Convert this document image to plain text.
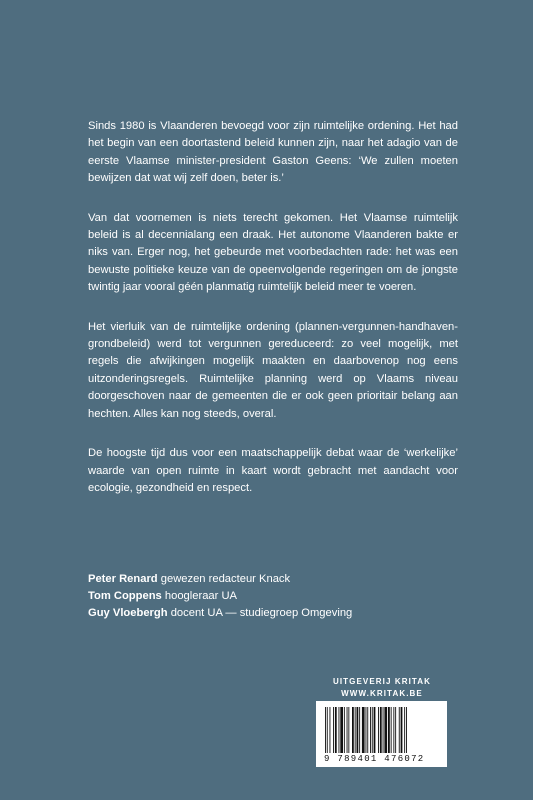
Sinds 1980 is Vlaanderen bevoegd voor zijn ruimtelijke ordening. Het had het begin van een doortastend beleid kunnen zijn, naar het adagio van de eerste Vlaamse minister-president Gaston Geens: ‘We zullen moeten bewijzen dat wat wij zelf doen, beter is.’

Van dat voornemen is niets terecht gekomen. Het Vlaamse ruimtelijk beleid is al decennialang een draak. Het autonome Vlaanderen bakte er niks van. Erger nog, het gebeurde met voorbedachten rade: het was een bewuste politieke keuze van de opeenvolgende regeringen om de jongste twintig jaar vooral géén planmatig ruimtelijk beleid meer te voeren.

Het vierluik van de ruimtelijke ordening (plannen-vergunnen-handhaven-grondbeleid) werd tot vergunnen gereduceerd: zo veel mogelijk, met regels die afwijkingen mogelijk maakten en daarbovenop nog eens uitzonderingsregels. Ruimtelijke planning werd op Vlaams niveau doorgeschoven naar de gemeenten die er ook geen prioritair belang aan hechten. Alles kan nog steeds, overal.

De hoogste tijd dus voor een maatschappelijk debat waar de ‘werkelijke’ waarde van open ruimte in kaart wordt gebracht met aandacht voor ecologie, gezondheid en respect.

Peter Renard gewezen redacteur Knack
Tom Coppens hoogleraar UA
Guy Vloebergh docent UA — studiegroep Omgeving
UITGEVERIJ KRITAK
WWW.KRITAK.BE
9 789401 476072
